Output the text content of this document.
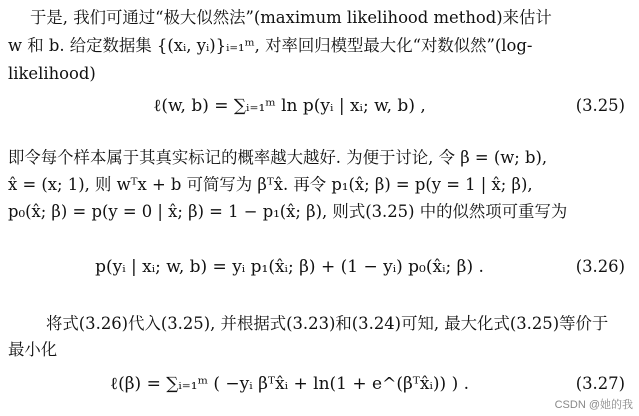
于是, 我们可通过“极大似然法”(maximum likelihood method)来估计
w 和 b. 给定数据集 {(xᵢ, yᵢ)}ᵢ₌₁ᵐ, 对率回归模型最大化“对数似然”(log-
likelihood)
ℓ(w, b) = ∑ᵢ₌₁ᵐ ln p(yᵢ | xᵢ; w, b) ,	(3.25)
即令每个样本属于其真实标记的概率越大越好. 为便于讨论, 令 β = (w; b),
x̂ = (x; 1), 则 wᵀx + b 可简写为 βᵀx̂. 再令 p₁(x̂; β) = p(y = 1 | x̂; β),
p₀(x̂; β) = p(y = 0 | x̂; β) = 1 − p₁(x̂; β), 则式(3.25) 中的似然项可重写为
p(yᵢ | xᵢ; w, b) = yᵢ p₁(x̂ᵢ; β) + (1 − yᵢ) p₀(x̂ᵢ; β) .	(3.26)
将式(3.26)代入(3.25), 并根据式(3.23)和(3.24)可知, 最大化式(3.25)等价于
最小化
ℓ(β) = ∑ᵢ₌₁ᵐ ( −yᵢ βᵀx̂ᵢ + ln(1 + e^(βᵀx̂ᵢ)) ) .	(3.27)
CSDN @她的我
